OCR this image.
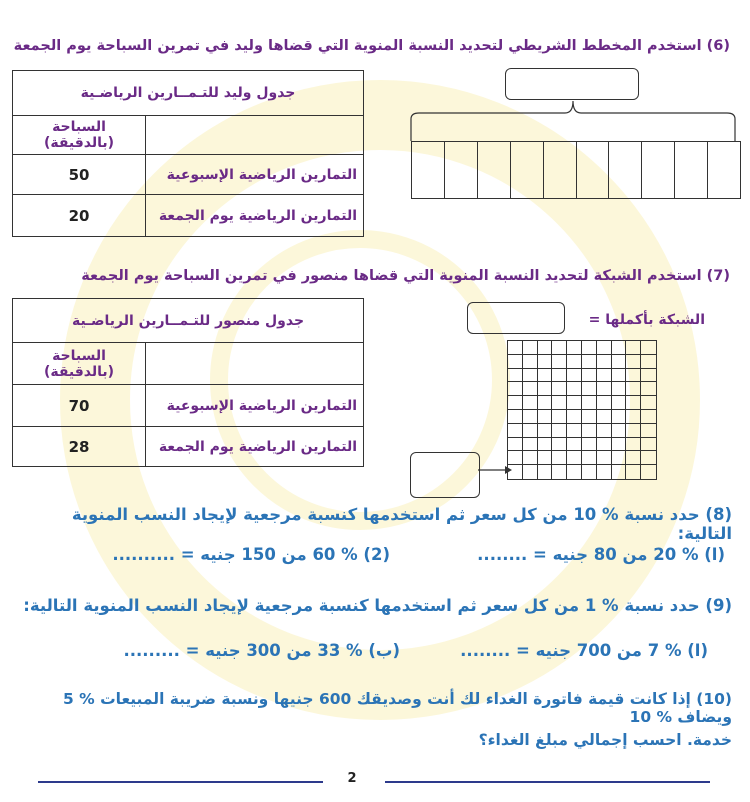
(6) استخدم المخطط الشريطي لتحديد النسبة المنوية التي قضاها وليد في تمرين السباحة يوم الجمعة
جدول وليد للتـمــارين الرياضـية	
	السباحة (بالدقيقة)
التمارين الرياضية الإسبوعية	50
التمارين الرياضية يوم الجمعة	20
(7) استخدم الشبكة لتحديد النسبة المنوية التي قضاها منصور في تمرين السباحة يوم الجمعة
جدول منصور للتـمــارين الرياضـية	
	السباحة (بالدقيقة)
التمارين الرياضية الإسبوعية	70
التمارين الرياضية يوم الجمعة	28
الشبكة بأكملها =
(8) حدد نسبة % 10 من كل سعر ثم استخدمها كنسبة مرجعية لإيجاد النسب المنوية التالية:
(ا) % 20 من 80 جنيه = ........
(2) % 60 من 150 جنيه = ..........
(9) حدد نسبة % 1 من كل سعر ثم استخدمها كنسبة مرجعية لإيجاد النسب المنوية التالية:
(ا) % 7 من 700 جنيه = ........
(ب) % 33 من 300 جنيه = .........
(10) إذا كانت قيمة فاتورة الغداء لك أنت وصديقك 600 جنيها ونسبة ضريبة المبيعات % 5 ويضاف % 10
خدمة. احسب إجمالي مبلغ الغداء؟
2
